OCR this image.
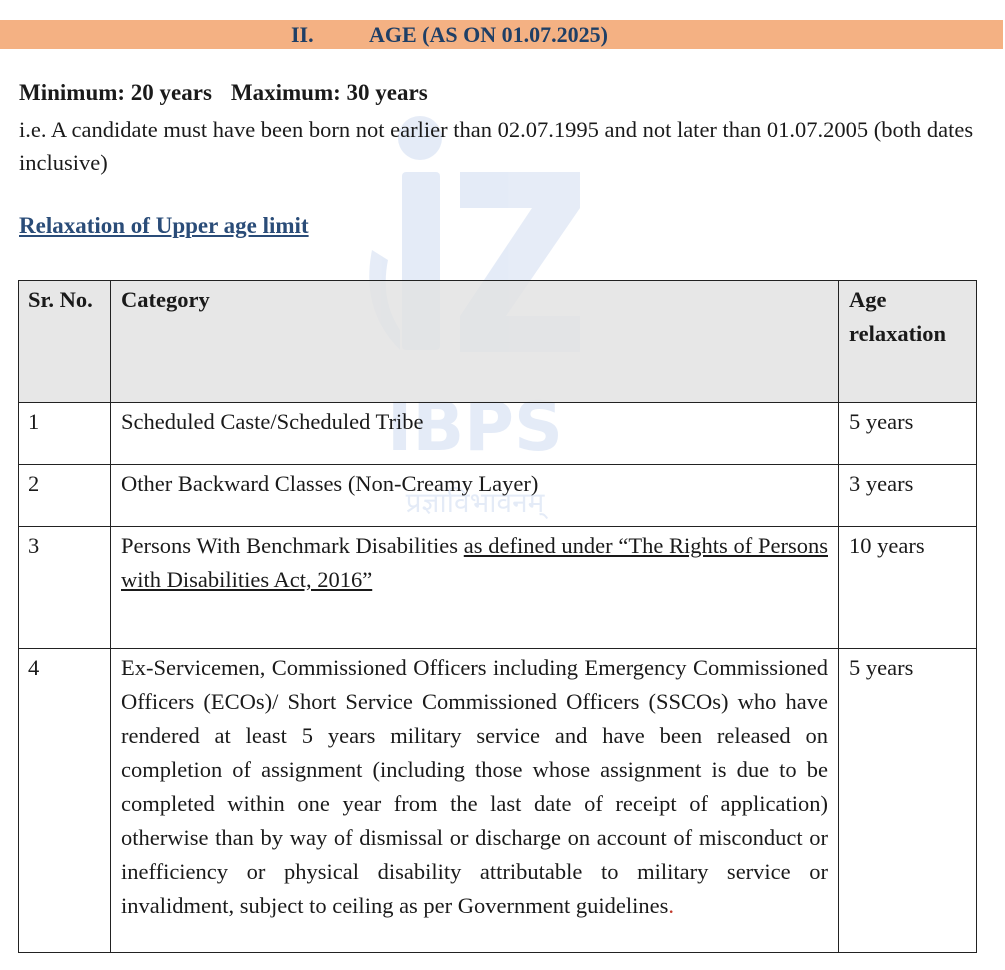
IBPS
प्रज्ञाविभावनम्
II.	AGE (AS ON 01.07.2025)
Minimum: 20 years Maximum: 30 years
i.e. A candidate must have been born not earlier than 02.07.1995 and not later than 01.07.2005 (both dates inclusive)
Relaxation of Upper age limit
Sr. No.	Category	Age relaxation

1	Scheduled Caste/Scheduled Tribe	5 years

2	Other Backward Classes (Non-Creamy Layer)	3 years

3	Persons With Benchmark Disabilities as defined under “The Rights of Persons with Disabilities Act, 2016”	10 years

4	Ex-Servicemen, Commissioned Officers including Emergency Commissioned Officers (ECOs)/ Short Service Commissioned Officers (SSCOs) who have rendered at least 5 years military service and have been released on completion of assignment (including those whose assignment is due to be completed within one year from the last date of receipt of application) otherwise than by way of dismissal or discharge on account of misconduct or inefficiency or physical disability attributable to military service or invalidment, subject to ceiling as per Government guidelines.	5 years
